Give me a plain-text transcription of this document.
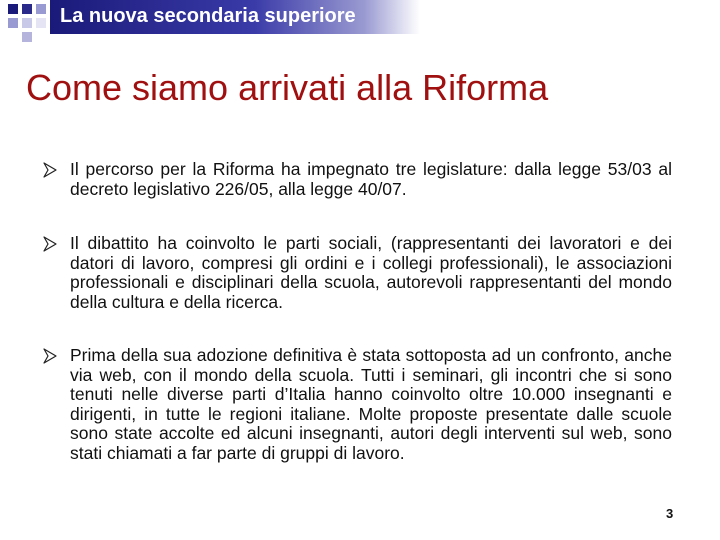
La nuova secondaria superiore
Come siamo arrivati alla Riforma

Il percorso per la Riforma ha impegnato tre legislature: dalla legge 53/03 al decreto legislativo 226/05, alla legge 40/07.

Il dibattito ha coinvolto le parti sociali, (rappresentanti dei lavoratori e dei datori di lavoro, compresi gli ordini e i collegi professionali), le associazioni professionali e disciplinari della scuola, autorevoli rappresentanti del mondo della cultura e della ricerca.

Prima della sua adozione definitiva è stata sottoposta ad un confronto, anche via web, con il mondo della scuola. Tutti i seminari, gli incontri che si sono tenuti nelle diverse parti d’Italia hanno coinvolto oltre 10.000 insegnanti e dirigenti, in tutte le regioni italiane. Molte proposte presentate dalle scuole sono state accolte ed alcuni insegnanti, autori degli interventi sul web, sono stati chiamati a far parte di gruppi di lavoro.

3
